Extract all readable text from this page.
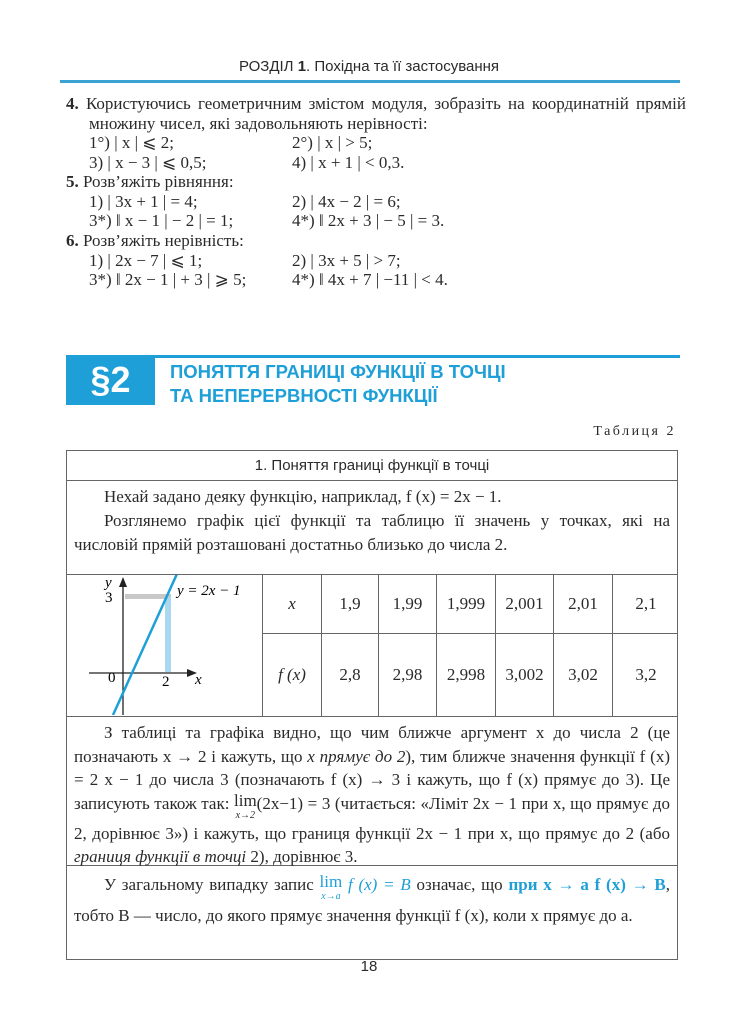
РОЗДІЛ 1. Похідна та її застосування
4. Користуючись геометричним змістом модуля, зобразіть на координатній прямій множину чисел, які задовольняють нерівності:
1°) | x | ⩽ 2;	2°) | x | > 5;
3) | x − 3 | ⩽ 0,5;	4) | x + 1 | < 0,3.
5. Розв’яжіть рівняння:
1) | 3x + 1 | = 4;	2) | 4x − 2 | = 6;
3*) ‖ x − 1 | − 2 | = 1;	4*) ‖ 2x + 3 | − 5 | = 3.
6. Розв’яжіть нерівність:
1) | 2x − 7 | ⩽ 1;	2) | 3x + 5 | > 7;
3*) ‖ 2x − 1 | + 3 | ⩾ 5;	4*) ‖ 4x + 7 | −11 | < 4.
§2	ПОНЯТТЯ ГРАНИЦІ ФУНКЦІЇ В ТОЧЦІ
ТА НЕПЕРЕРВНОСТІ ФУНКЦІЇ
Таблиця 2
1. Поняття границі функції в точці
Нехай задано деяку функцію, наприклад, f (x) = 2x − 1.
Розглянемо графік цієї функції та таблицю її значень у точках, які на числовій прямій розташовані достатньо близько до числа 2.
y
3
0	2 x
y = 2x − 1
x	1,9	1,99	1,999	2,001	2,01	2,1
f (x)	2,8	2,98	2,998	3,002	3,02	3,2
З таблиці та графіка видно, що чим ближче аргумент x до числа 2 (це позначають x → 2 і кажуть, що x прямує до 2), тим ближче значення функції f (x) = 2 x − 1 до числа 3 (позначають f (x) → 3 і кажуть, що f (x) прямує до 3). Це записують також так: lim
x→2(2x−1) = 3 (читається: «Ліміт 2x − 1 при x, що прямує до 2, дорівнює 3») і кажуть, що границя функції 2x − 1 при x, що прямує до 2 (або границя функції в точці 2), дорівнює 3.
У загальному випадку запис lim
x→a f (x) = B означає, що при x → a f (x) → B, тобто B — число, до якого прямує значення функції f (x), коли x прямує до a.
18
